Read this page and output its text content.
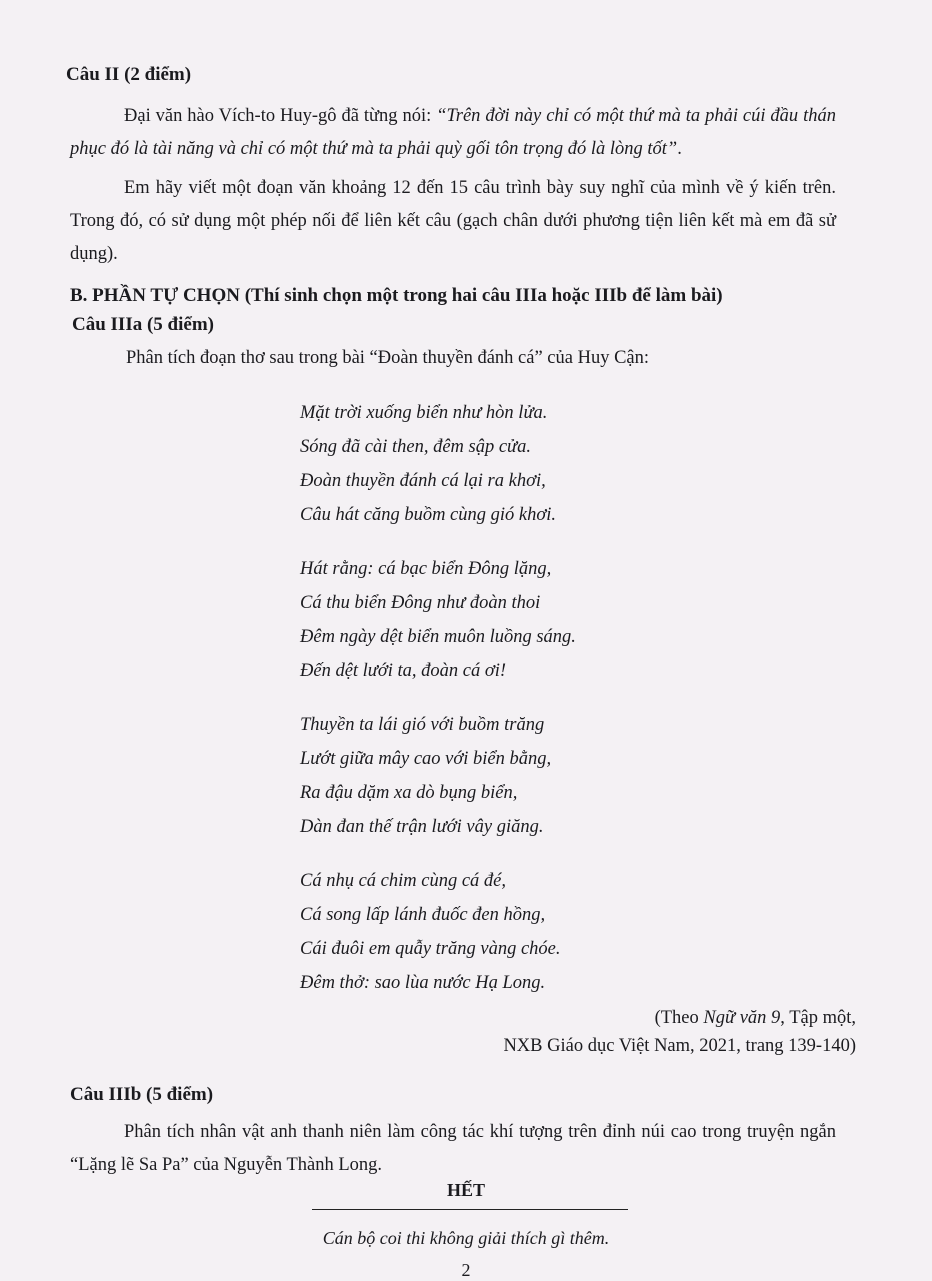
Câu II (2 điểm)

Đại văn hào Vích-to Huy-gô đã từng nói: “Trên đời này chỉ có một thứ mà ta phải cúi đầu thán phục đó là tài năng và chỉ có một thứ mà ta phải quỳ gối tôn trọng đó là lòng tốt”.

Em hãy viết một đoạn văn khoảng 12 đến 15 câu trình bày suy nghĩ của mình về ý kiến trên. Trong đó, có sử dụng một phép nối để liên kết câu (gạch chân dưới phương tiện liên kết mà em đã sử dụng).

B. PHẦN TỰ CHỌN (Thí sinh chọn một trong hai câu IIIa hoặc IIIb để làm bài)
Câu IIIa (5 điểm)

Phân tích đoạn thơ sau trong bài “Đoàn thuyền đánh cá” của Huy Cận:

Mặt trời xuống biển như hòn lửa.
Sóng đã cài then, đêm sập cửa.
Đoàn thuyền đánh cá lại ra khơi,
Câu hát căng buồm cùng gió khơi.
Hát rằng: cá bạc biển Đông lặng,
Cá thu biển Đông như đoàn thoi
Đêm ngày dệt biển muôn luồng sáng.
Đến dệt lưới ta, đoàn cá ơi!
Thuyền ta lái gió với buồm trăng
Lướt giữa mây cao với biển bằng,
Ra đậu dặm xa dò bụng biển,
Dàn đan thế trận lưới vây giăng.
Cá nhụ cá chim cùng cá đé,
Cá song lấp lánh đuốc đen hồng,
Cái đuôi em quẫy trăng vàng chóe.
Đêm thở: sao lùa nước Hạ Long.
(Theo Ngữ văn 9, Tập một,
NXB Giáo dục Việt Nam, 2021, trang 139-140)
Câu IIIb (5 điểm)

Phân tích nhân vật anh thanh niên làm công tác khí tượng trên đỉnh núi cao trong truyện ngắn “Lặng lẽ Sa Pa” của Nguyễn Thành Long.

HẾT
Cán bộ coi thi không giải thích gì thêm.
2
